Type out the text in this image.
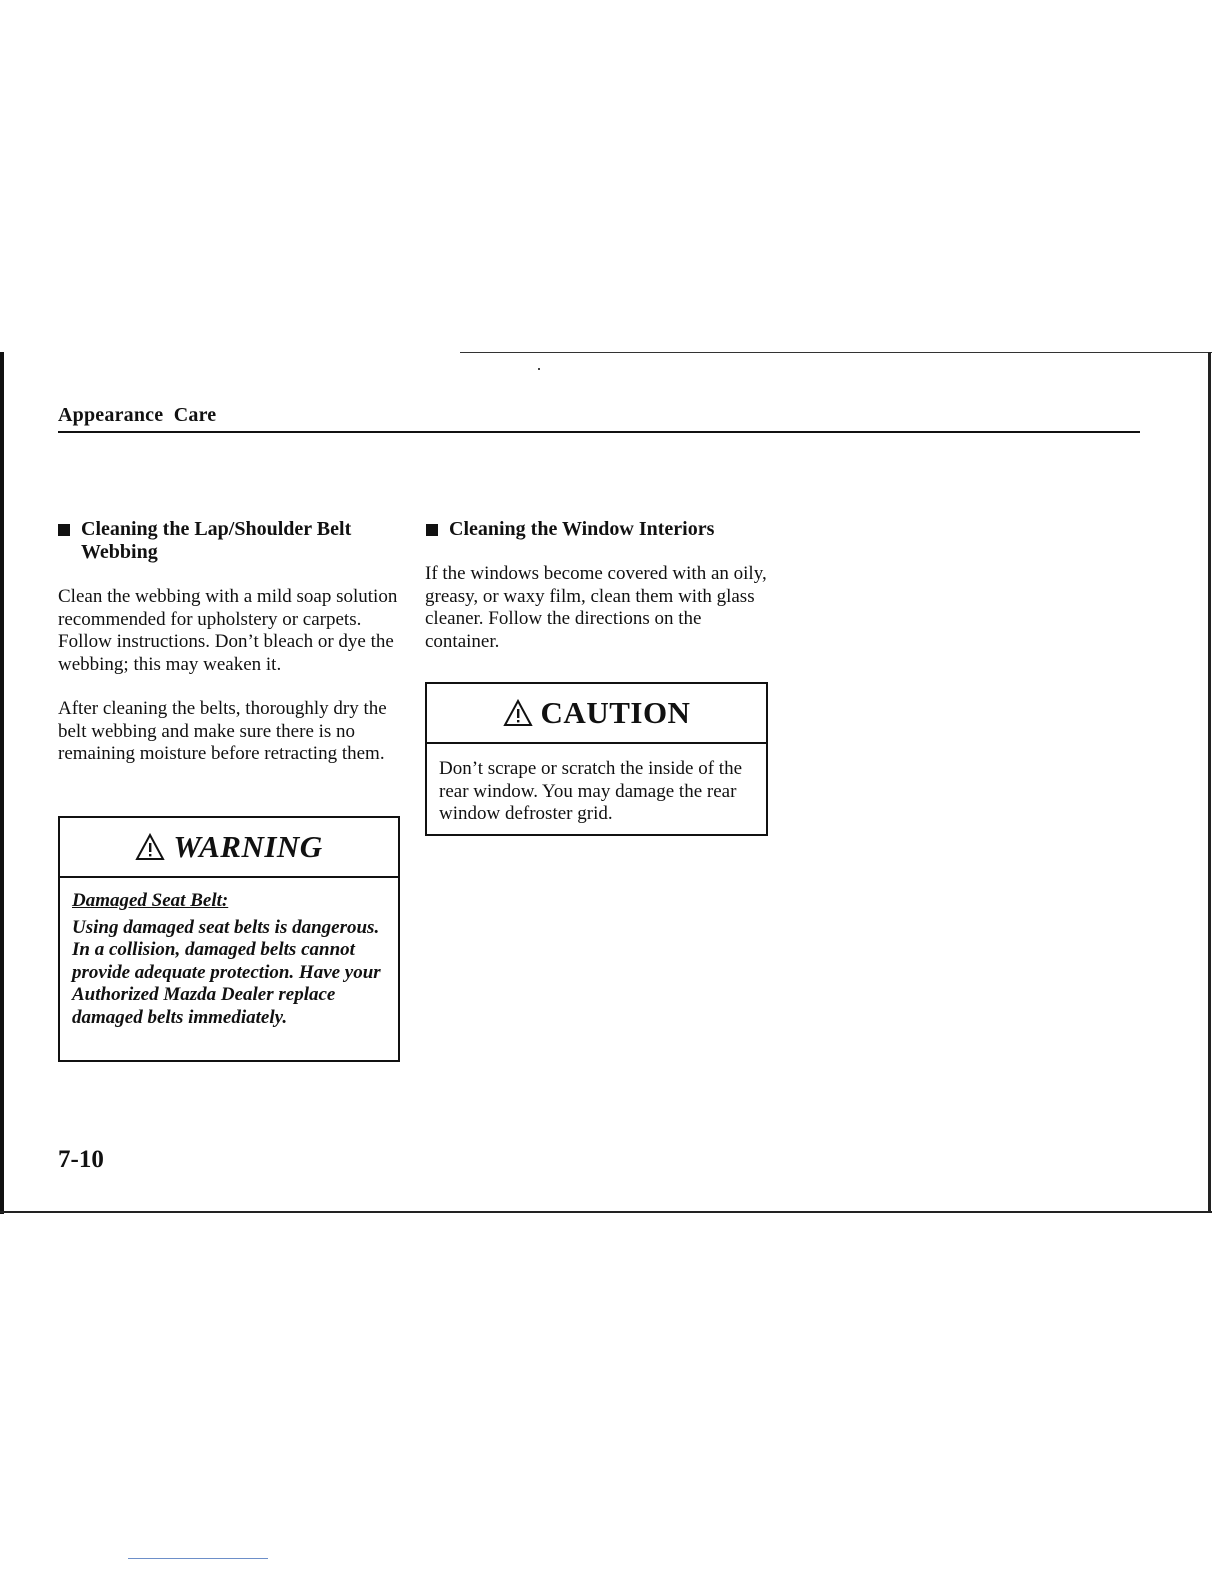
Appearance  Care
Cleaning the Lap/Shoulder Belt
Webbing

Clean the webbing with a mild soap solution recommended for upholstery or carpets. Follow instructions. Don’t bleach or dye the webbing; this may weaken it.

After cleaning the belts, thoroughly dry the belt webbing and make sure there is no remaining moisture before retracting them.

WARNING
Damaged Seat Belt:
Using damaged seat belts is dangerous. In a collision, damaged belts cannot provide adequate protection. Have your Authorized Mazda Dealer replace damaged belts immediately.
Cleaning the Window Interiors

If the windows become covered with an oily, greasy, or waxy film, clean them with glass cleaner. Follow the directions on the container.

CAUTION
Don’t scrape or scratch the inside of the rear window. You may damage the rear window defroster grid.
7-10
